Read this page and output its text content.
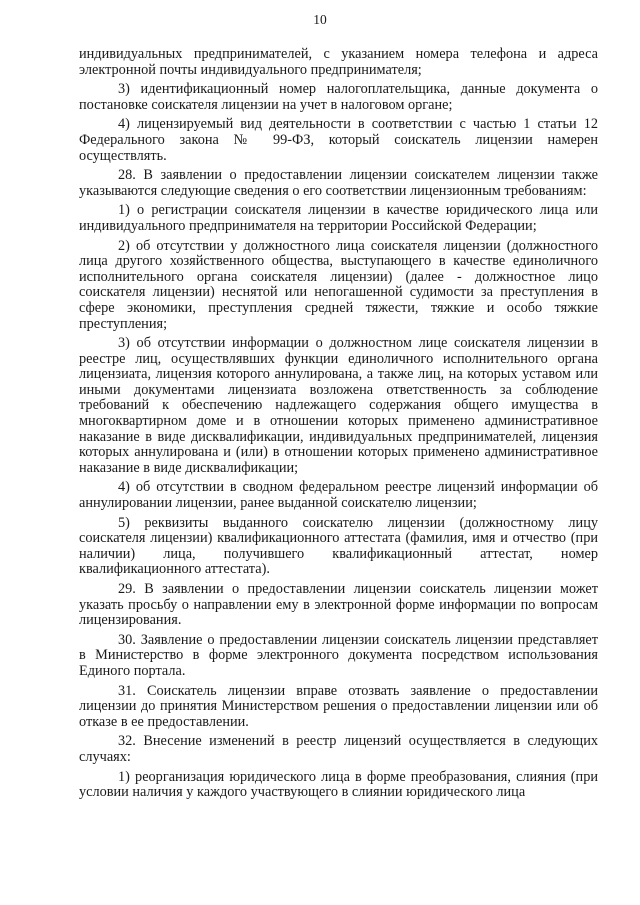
10

индивидуальных предпринимателей, с указанием номера телефона и адреса электронной почты индивидуального предпринимателя;

3) идентификационный номер налогоплательщика, данные документа о постановке соискателя лицензии на учет в налоговом органе;

4) лицензируемый вид деятельности в соответствии с частью 1 статьи 12 Федерального закона № 99-ФЗ, который соискатель лицензии намерен осуществлять.

28. В заявлении о предоставлении лицензии соискателем лицензии также указываются следующие сведения о его соответствии лицензионным требованиям:

1) о регистрации соискателя лицензии в качестве юридического лица или индивидуального предпринимателя на территории Российской Федерации;

2) об отсутствии у должностного лица соискателя лицензии (должностного лица другого хозяйственного общества, выступающего в качестве единоличного исполнительного органа соискателя лицензии) (далее - должностное лицо соискателя лицензии) неснятой или непогашенной судимости за преступления в сфере экономики, преступления средней тяжести, тяжкие и особо тяжкие преступления;

3) об отсутствии информации о должностном лице соискателя лицензии в реестре лиц, осуществлявших функции единоличного исполнительного органа лицензиата, лицензия которого аннулирована, а также лиц, на которых уставом или иными документами лицензиата возложена ответственность за соблюдение требований к обеспечению надлежащего содержания общего имущества в многоквартирном доме и в отношении которых применено административное наказание в виде дисквалификации, индивидуальных предпринимателей, лицензия которых аннулирована и (или) в отношении которых применено административное наказание в виде дисквалификации;

4) об отсутствии в сводном федеральном реестре лицензий информации об аннулировании лицензии, ранее выданной соискателю лицензии;

5) реквизиты выданного соискателю лицензии (должностному лицу соискателя лицензии) квалификационного аттестата (фамилия, имя и отчество (при наличии) лица, получившего квалификационный аттестат, номер квалификационного аттестата).

29. В заявлении о предоставлении лицензии соискатель лицензии может указать просьбу о направлении ему в электронной форме информации по вопросам лицензирования.

30. Заявление о предоставлении лицензии соискатель лицензии представляет в Министерство в форме электронного документа посредством использования Единого портала.

31. Соискатель лицензии вправе отозвать заявление о предоставлении лицензии до принятия Министерством решения о предоставлении лицензии или об отказе в ее предоставлении.

32. Внесение изменений в реестр лицензий осуществляется в следующих случаях:

1) реорганизация юридического лица в форме преобразования, слияния (при условии наличия у каждого участвующего в слиянии юридического лица
